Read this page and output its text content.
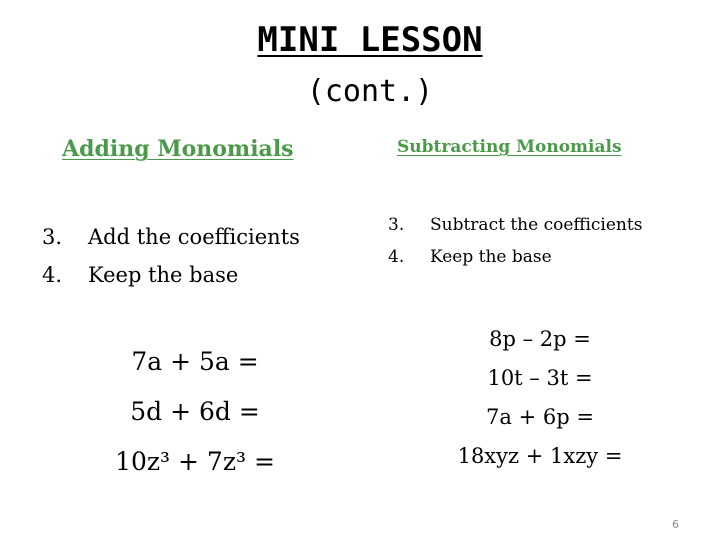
MINI LESSON
(cont.)
Adding Monomials	Subtracting Monomials
3.	Add the coefficients
4.	Keep the base
3.	Subtract the coefficients
4.	Keep the base
7a + 5a =
5d + 6d =
10z³ + 7z³ =
8p – 2p =
10t – 3t =
7a + 6p =
18xyz + 1xzy =
6
